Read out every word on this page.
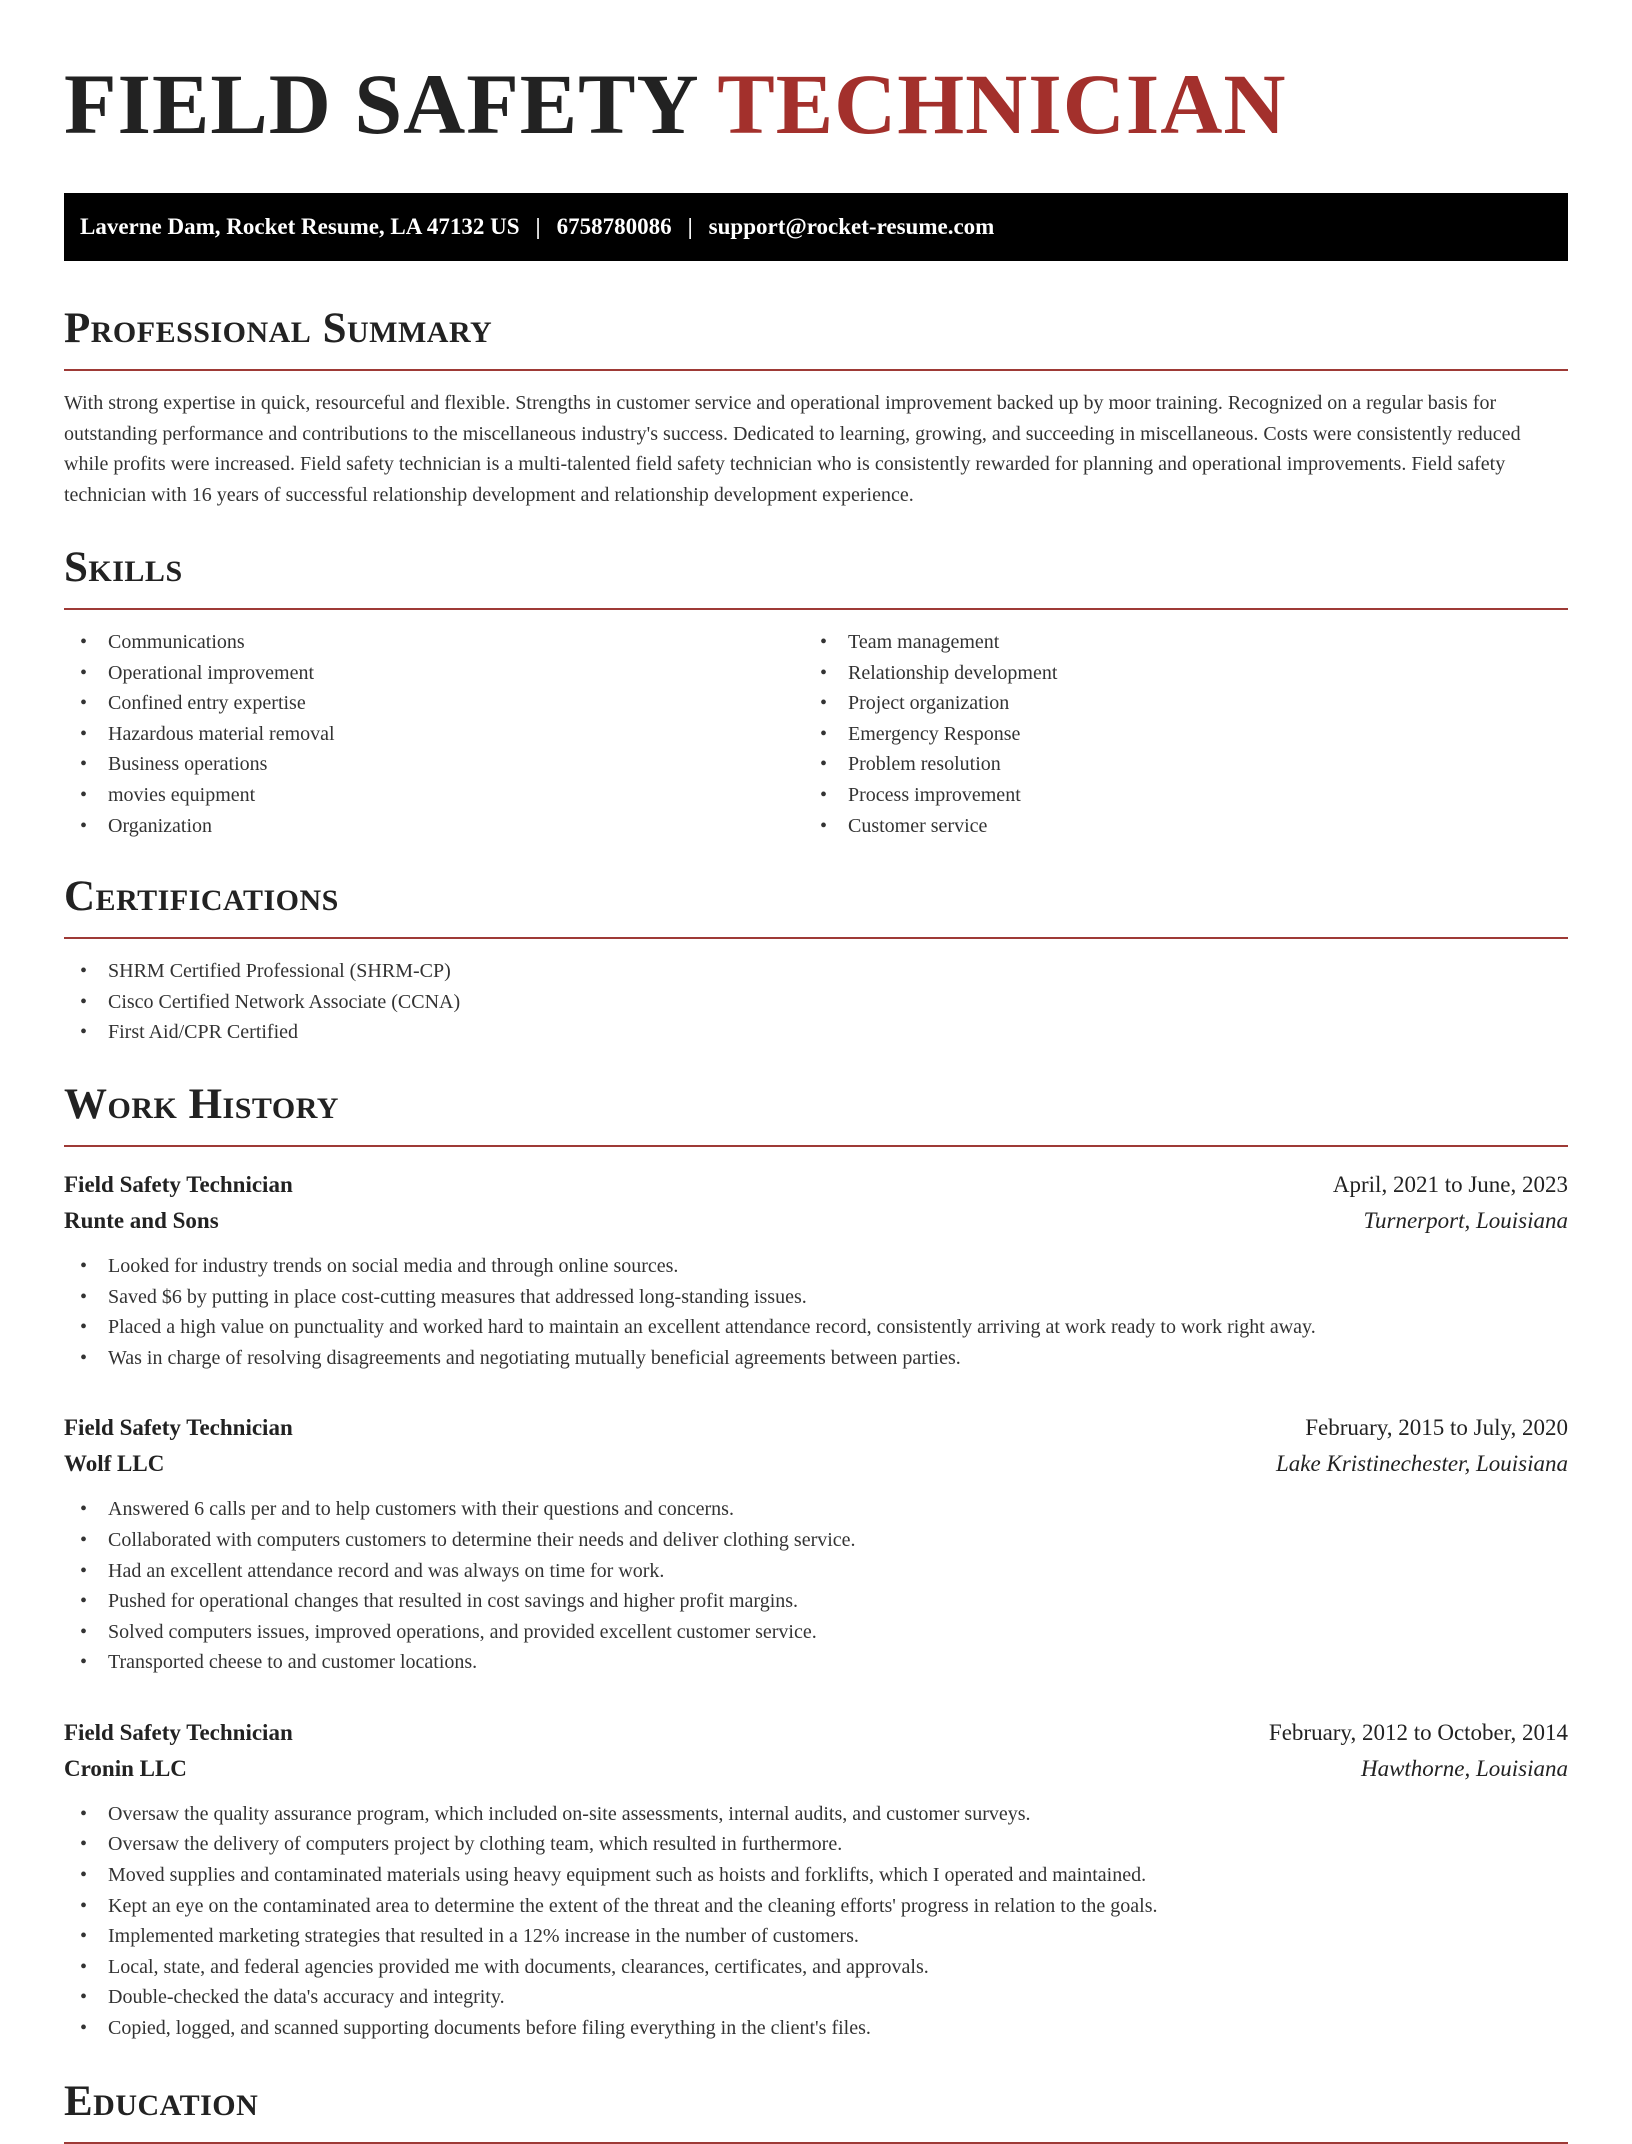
FIELD SAFETY TECHNICIAN
Laverne Dam, Rocket Resume, LA 47132 US | 6758780086 | support@rocket-resume.com
Professional Summary

With strong expertise in quick, resourceful and flexible. Strengths in customer service and operational improvement backed up by moor training. Recognized on a regular basis for outstanding performance and contributions to the miscellaneous industry's success. Dedicated to learning, growing, and succeeding in miscellaneous. Costs were consistently reduced while profits were increased. Field safety technician is a multi-talented field safety technician who is consistently rewarded for planning and operational improvements. Field safety technician with 16 years of successful relationship development and relationship development experience.

Skills
• Communications
• Operational improvement
• Confined entry expertise
• Hazardous material removal
• Business operations
• movies equipment
• Organization
• Team management
• Relationship development
• Project organization
• Emergency Response
• Problem resolution
• Process improvement
• Customer service
Certifications
• SHRM Certified Professional (SHRM-CP)
• Cisco Certified Network Associate (CCNA)
• First Aid/CPR Certified
Work History
Field Safety Technician	April, 2021 to June, 2023
Runte and Sons	Turnerport, Louisiana
• Looked for industry trends on social media and through online sources.
• Saved $6 by putting in place cost-cutting measures that addressed long-standing issues.
• Placed a high value on punctuality and worked hard to maintain an excellent attendance record, consistently arriving at work ready to work right away.
• Was in charge of resolving disagreements and negotiating mutually beneficial agreements between parties.
Field Safety Technician	February, 2015 to July, 2020
Wolf LLC	Lake Kristinechester, Louisiana
• Answered 6 calls per and to help customers with their questions and concerns.
• Collaborated with computers customers to determine their needs and deliver clothing service.
• Had an excellent attendance record and was always on time for work.
• Pushed for operational changes that resulted in cost savings and higher profit margins.
• Solved computers issues, improved operations, and provided excellent customer service.
• Transported cheese to and customer locations.
Field Safety Technician	February, 2012 to October, 2014
Cronin LLC	Hawthorne, Louisiana
• Oversaw the quality assurance program, which included on-site assessments, internal audits, and customer surveys.
• Oversaw the delivery of computers project by clothing team, which resulted in furthermore.
• Moved supplies and contaminated materials using heavy equipment such as hoists and forklifts, which I operated and maintained.
• Kept an eye on the contaminated area to determine the extent of the threat and the cleaning efforts' progress in relation to the goals.
• Implemented marketing strategies that resulted in a 12% increase in the number of customers.
• Local, state, and federal agencies provided me with documents, clearances, certificates, and approvals.
• Double-checked the data's accuracy and integrity.
• Copied, logged, and scanned supporting documents before filing everything in the client's files.
Education
